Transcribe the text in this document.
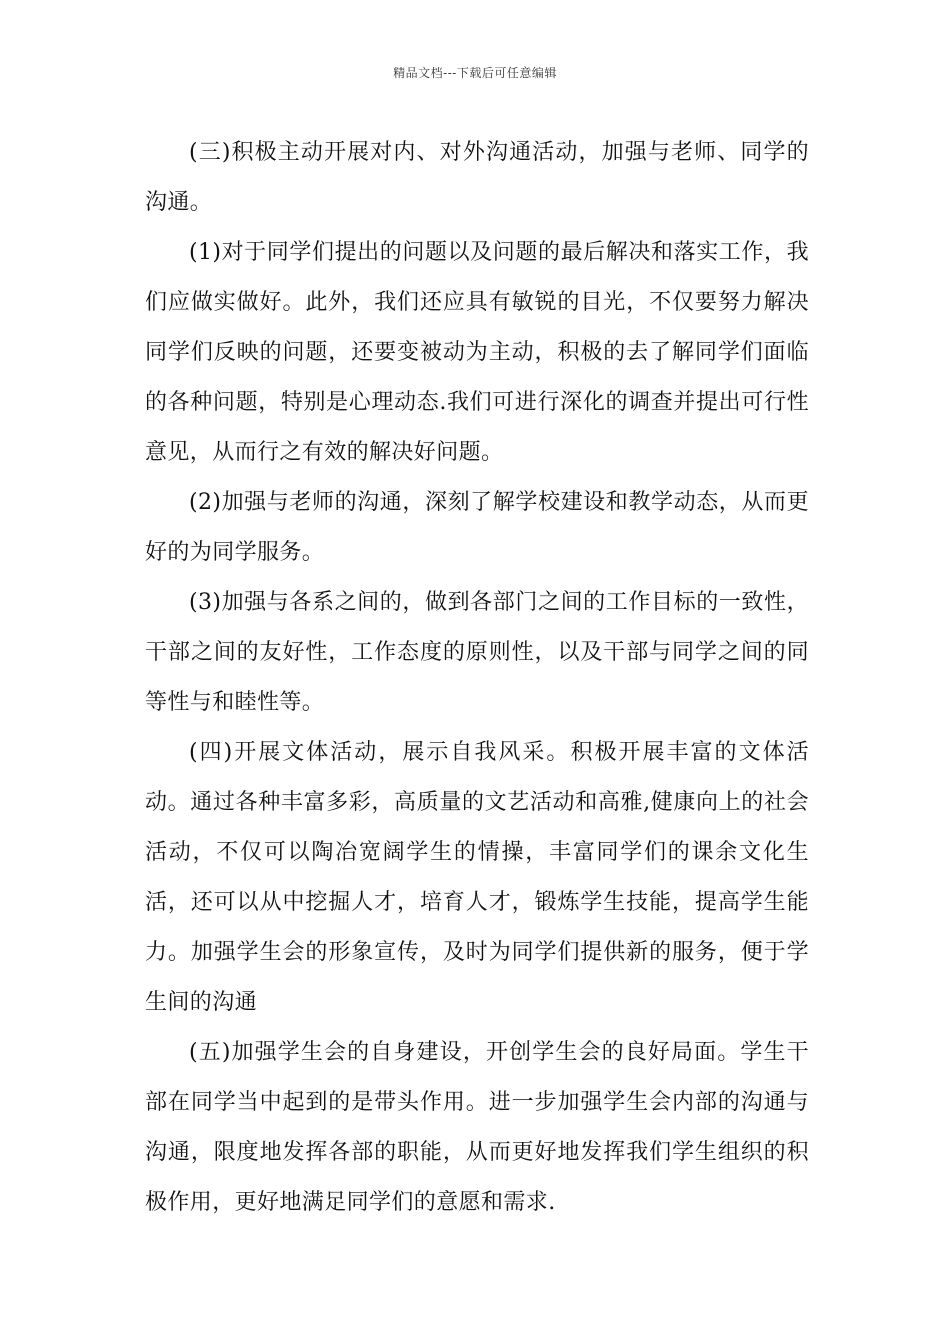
精品文档---下载后可任意编辑

(三)积极主动开展对内、对外沟通活动，加强与老师、同学的沟通。

(1)对于同学们提出的问题以及问题的最后解决和落实工作，我们应做实做好。此外，我们还应具有敏锐的目光，不仅要努力解决同学们反映的问题，还要变被动为主动，积极的去了解同学们面临的各种问题，特别是心理动态.我们可进行深化的调查并提出可行性意见，从而行之有效的解决好问题。

(2)加强与老师的沟通，深刻了解学校建设和教学动态，从而更好的为同学服务。

(3)加强与各系之间的，做到各部门之间的工作目标的一致性，干部之间的友好性，工作态度的原则性，以及干部与同学之间的同等性与和睦性等。

(四)开展文体活动，展示自我风采。积极开展丰富的文体活动。通过各种丰富多彩，高质量的文艺活动和高雅,健康向上的社会活动，不仅可以陶冶宽阔学生的情操，丰富同学们的课余文化生活，还可以从中挖掘人才，培育人才，锻炼学生技能，提高学生能力。加强学生会的形象宣传，及时为同学们提供新的服务，便于学生间的沟通

(五)加强学生会的自身建设，开创学生会的良好局面。学生干部在同学当中起到的是带头作用。进一步加强学生会内部的沟通与沟通，限度地发挥各部的职能，从而更好地发挥我们学生组织的积极作用，更好地满足同学们的意愿和需求.
